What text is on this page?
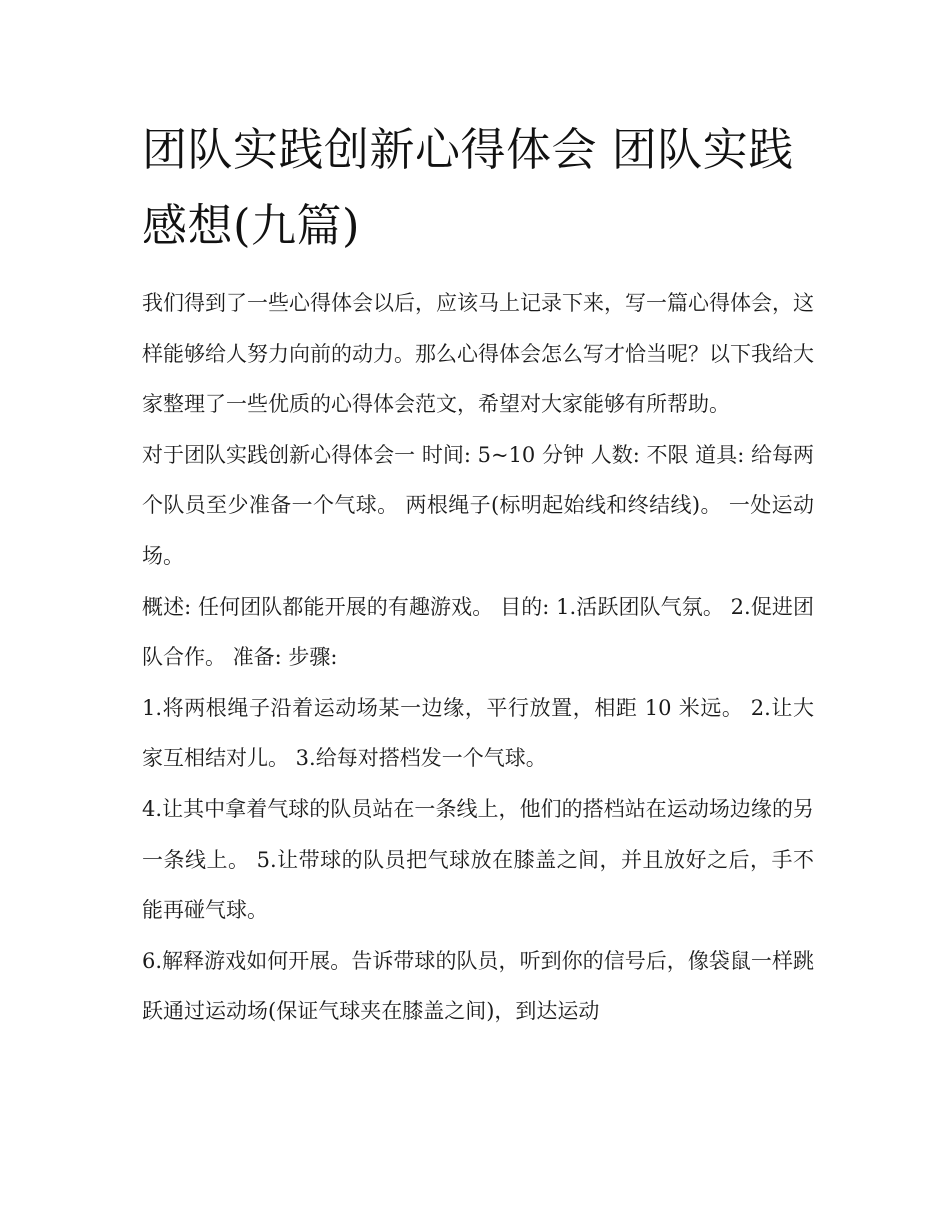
团队实践创新心得体会 团队实践感想(九篇)

我们得到了一些心得体会以后，应该马上记录下来，写一篇心得体会，这样能够给人努力向前的动力。那么心得体会怎么写才恰当呢？以下我给大家整理了一些优质的心得体会范文，希望对大家能够有所帮助。

对于团队实践创新心得体会一 时间: 5~10 分钟 人数: 不限 道具: 给每两个队员至少准备一个气球。 两根绳子(标明起始线和终结线)。 一处运动场。

概述: 任何团队都能开展的有趣游戏。 目的: 1.活跃团队气氛。 2.促进团队合作。 准备: 步骤:

1.将两根绳子沿着运动场某一边缘，平行放置，相距 10 米远。 2.让大家互相结对儿。 3.给每对搭档发一个气球。

4.让其中拿着气球的队员站在一条线上，他们的搭档站在运动场边缘的另一条线上。 5.让带球的队员把气球放在膝盖之间，并且放好之后，手不能再碰气球。

6.解释游戏如何开展。告诉带球的队员，听到你的信号后，像袋鼠一样跳跃通过运动场(保证气球夹在膝盖之间)，到达运动
